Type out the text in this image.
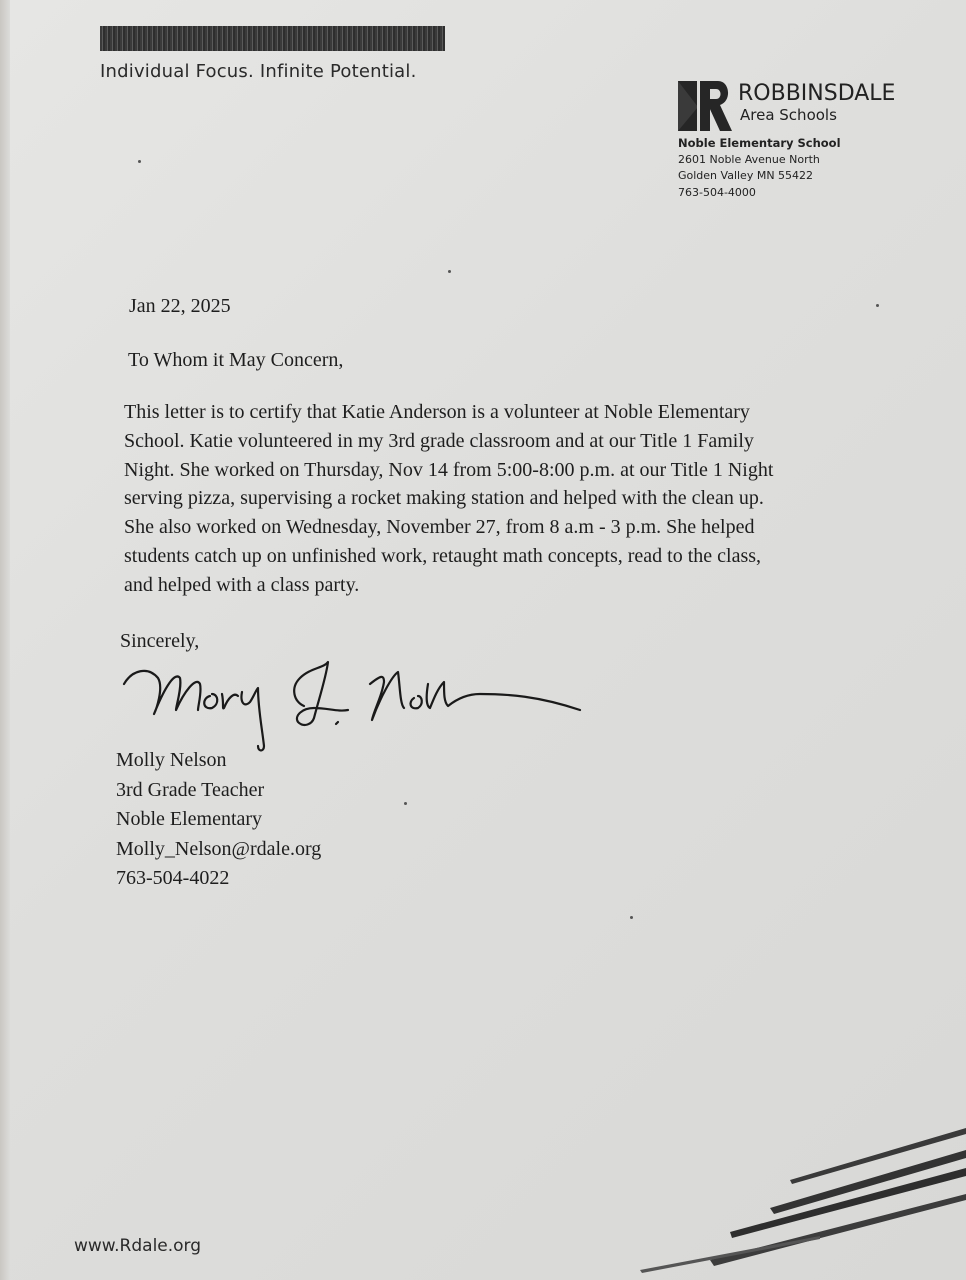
Individual Focus. Infinite Potential.
ROBBINSDALE
Area Schools
Noble Elementary School
2601 Noble Avenue North
Golden Valley MN 55422
763-504-4000
Jan 22, 2025
To Whom it May Concern,
This letter is to certify that Katie Anderson is a volunteer at Noble Elementary
School. Katie volunteered in my 3rd grade classroom and at our Title 1 Family
Night. She worked on Thursday, Nov 14 from 5:00-8:00 p.m. at our Title 1 Night
serving pizza, supervising a rocket making station and helped with the clean up.
She also worked on Wednesday, November 27, from 8 a.m - 3 p.m. She helped
students catch up on unfinished work, retaught math concepts, read to the class,
and helped with a class party.
Sincerely,
Molly Nelson
3rd Grade Teacher
Noble Elementary
Molly_Nelson@rdale.org
763-504-4022
www.Rdale.org
